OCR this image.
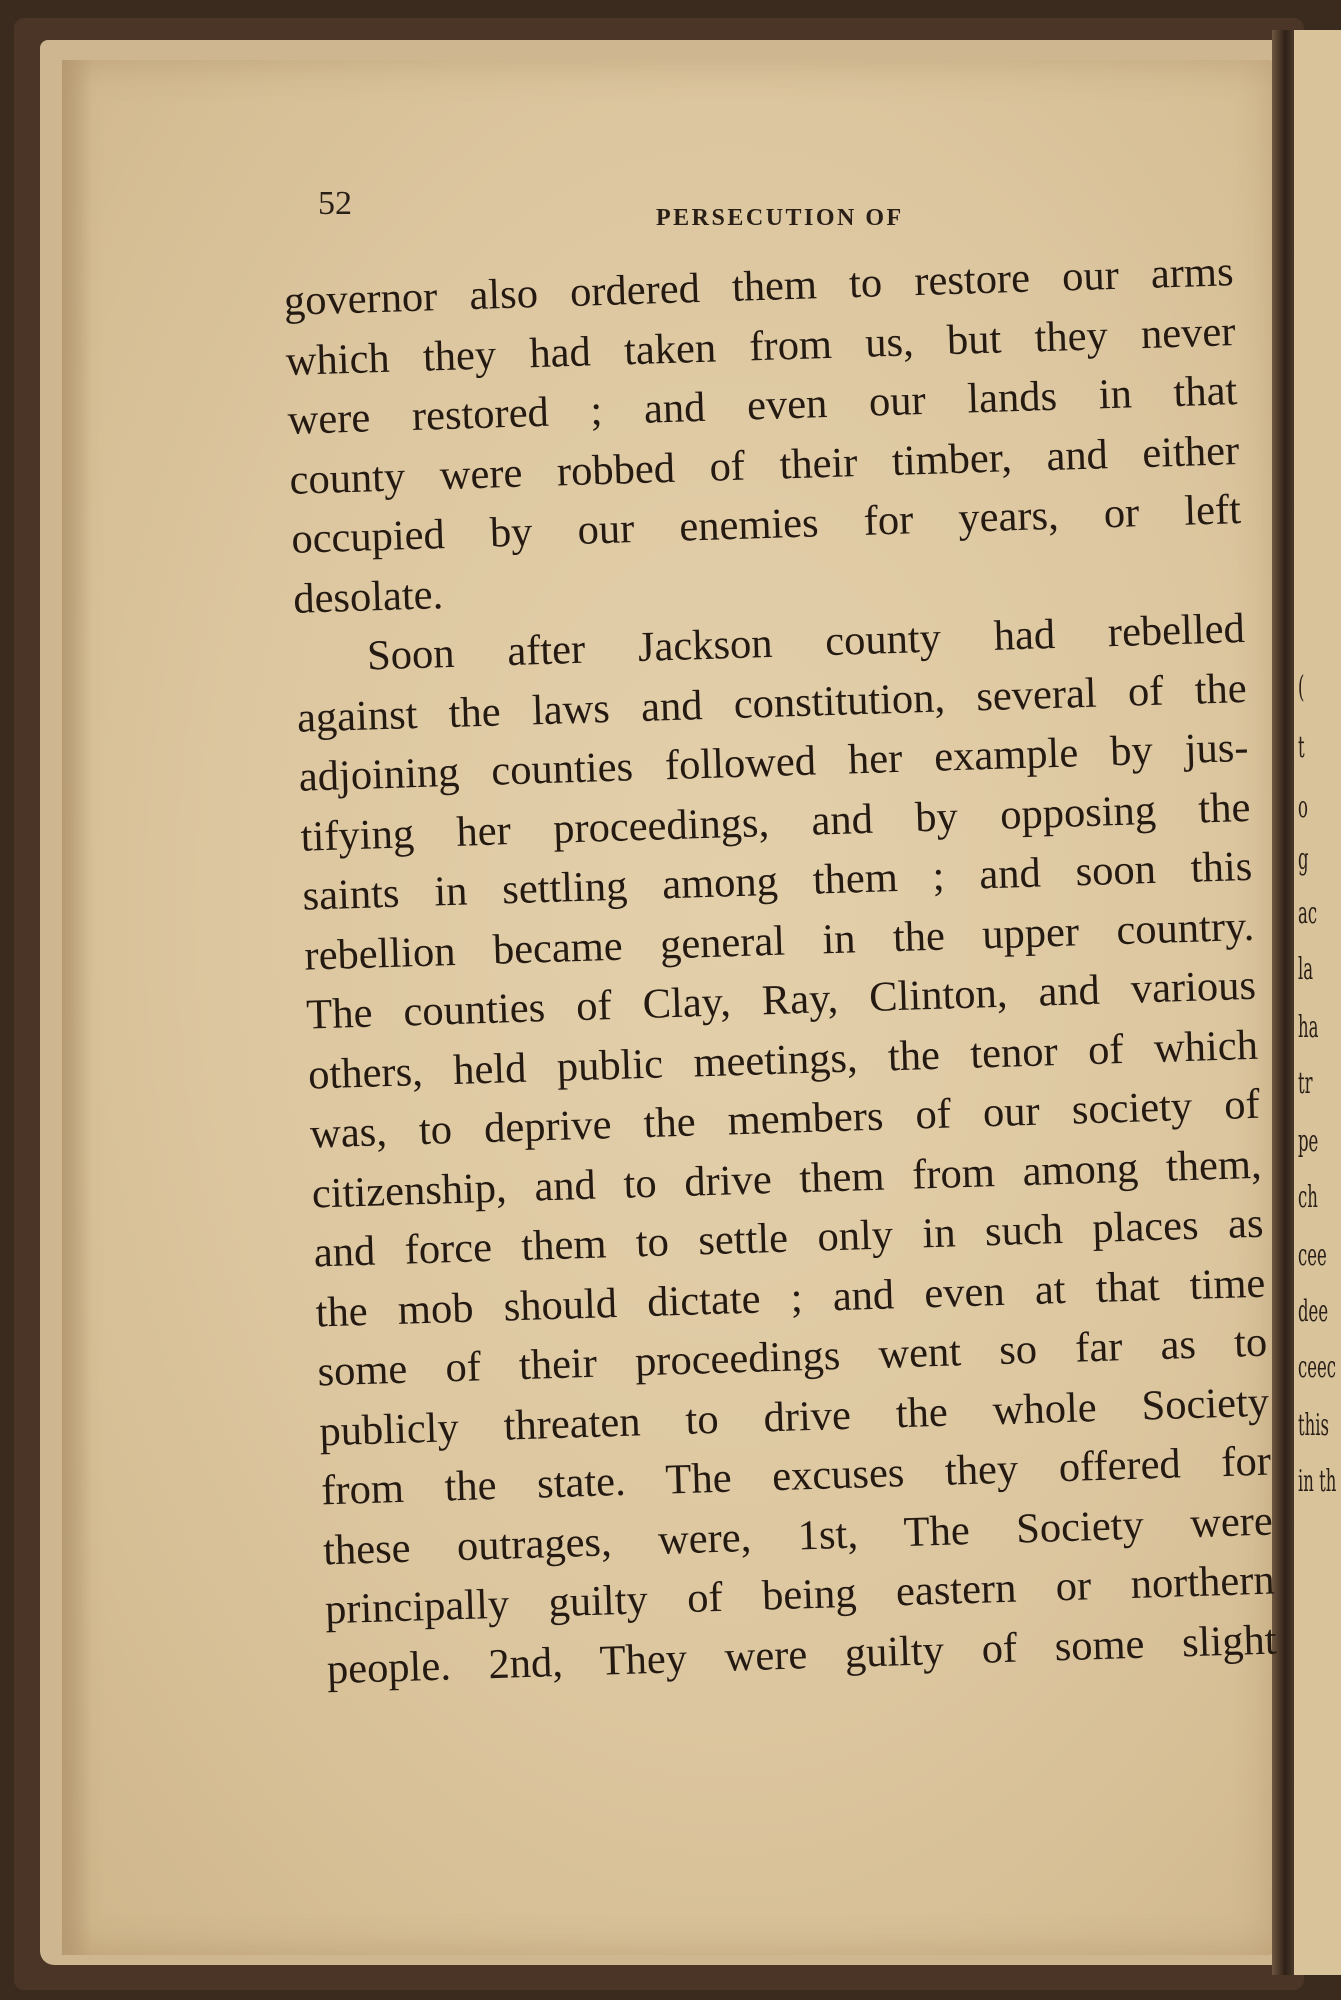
(
t
o
g
ac
la
ha
tr
pe
ch
cee
dee
ceec
this
in th
52	PERSECUTION OF
governor also ordered them to restore our arms
which they had taken from us, but they never
were restored ; and even our lands in that
county were robbed of their timber, and either
occupied by our enemies for years, or left
desolate.
Soon after Jackson county had rebelled
against the laws and constitution, several of the
adjoining counties followed her example by jus-
tifying her proceedings, and by opposing the
saints in settling among them ; and soon this
rebellion became general in the upper country.
The counties of Clay, Ray, Clinton, and various
others, held public meetings, the tenor of which
was, to deprive the members of our society of
citizenship, and to drive them from among them,
and force them to settle only in such places as
the mob should dictate ; and even at that time
some of their proceedings went so far as to
publicly threaten to drive the whole Society
from the state. The excuses they offered for
these outrages, were, 1st, The Society were
principally guilty of being eastern or northern
people. 2nd, They were guilty of some slight
